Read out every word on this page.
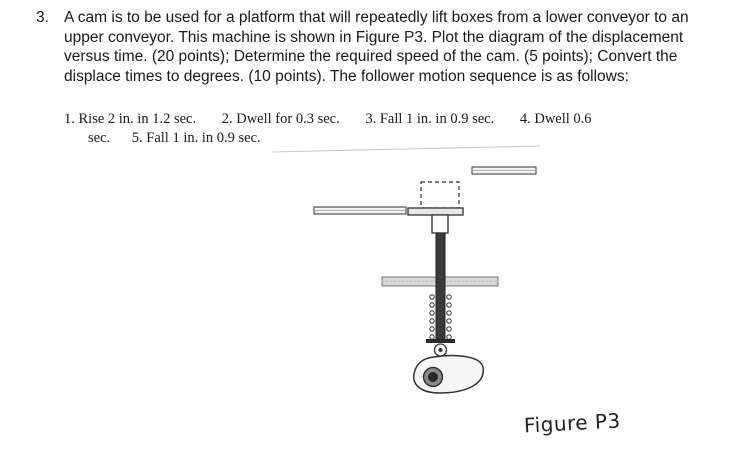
3. A cam is to be used for a platform that will repeatedly lift boxes from a lower conveyor to an upper conveyor. This machine is shown in Figure P3. Plot the diagram of the displacement versus time. (20 points); Determine the required speed of the cam. (5 points); Convert the displace times to degrees. (10 points). The follower motion sequence is as follows:
1. Rise 2 in. in 1.2 sec. 2. Dwell for 0.3 sec. 3. Fall 1 in. in 0.9 sec. 4. Dwell 0.6
sec. 5. Fall 1 in. in 0.9 sec.
Figure P3
